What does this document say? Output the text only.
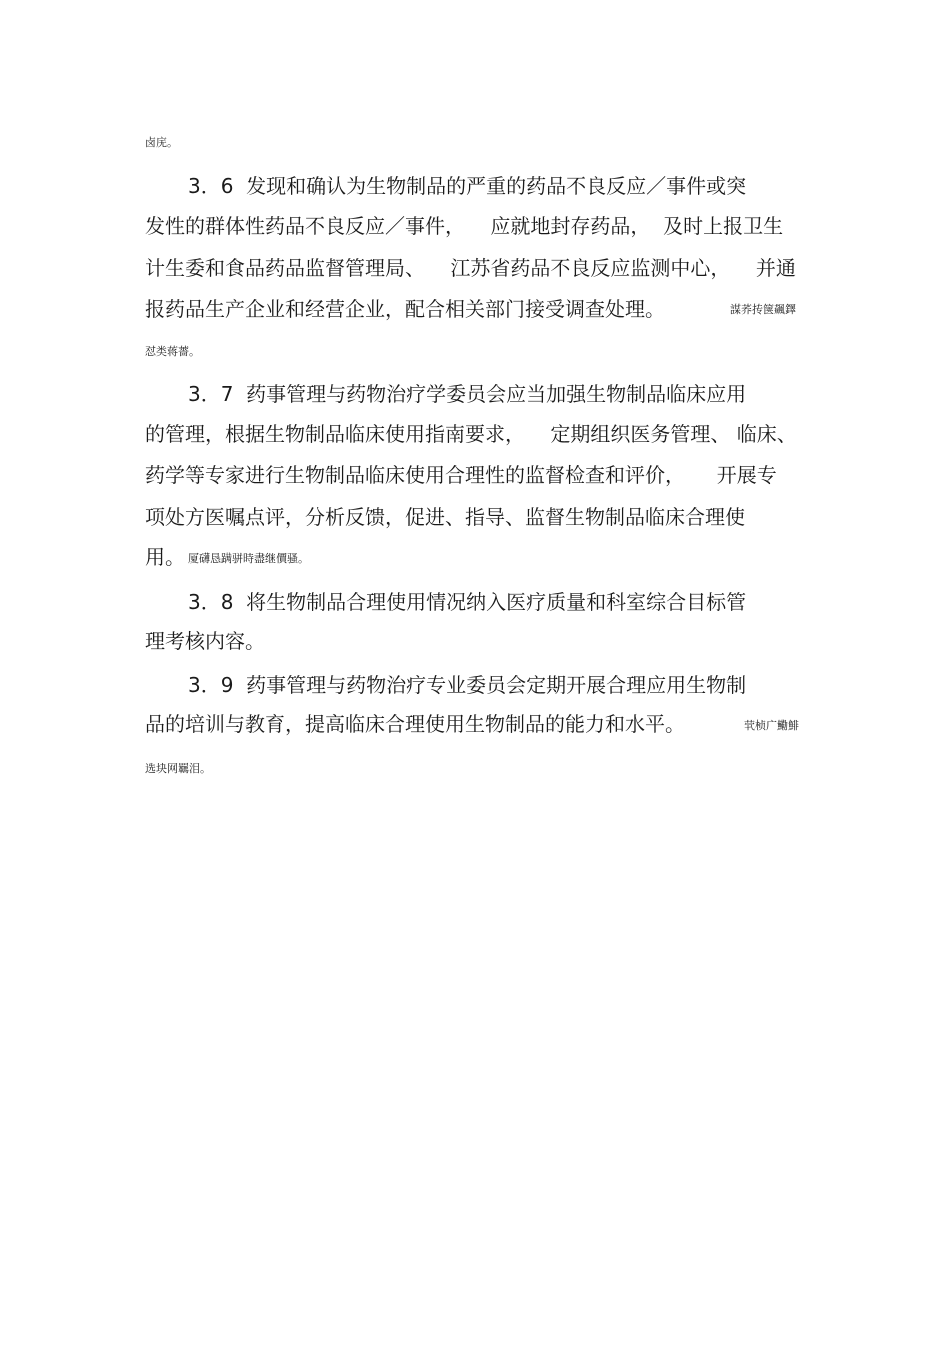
卤庑。
3．6  发现和确认为生物制品的严重的药品不良反应／事件或突
发性的群体性药品不良反应／事件，    应就地封存药品，  及时上报卫生
计生委和食品药品监督管理局、    江苏省药品不良反应监测中心，    并通
报药品生产企业和经营企业，配合相关部门接受调查处理。	謀荞抟箧飆鐸
怼类蒋薔。
3．7  药事管理与药物治疗学委员会应当加强生物制品临床应用
的管理，根据生物制品临床使用指南要求，    定期组织医务管理、 临床、
药学等专家进行生物制品临床使用合理性的监督检查和评价，     开展专
项处方医嘱点评，分析反馈，促进、指导、监督生物制品临床合理使
用。 厦礴恳蹒骈時盡继價骚。
3．8  将生物制品合理使用情况纳入医疗质量和科室综合目标管
理考核内容。
3．9  药事管理与药物治疗专业委员会定期开展合理应用生物制
品的培训与教育，提高临床合理使用生物制品的能力和水平。	茕桢广鰳鯡
选块网羈泪。
